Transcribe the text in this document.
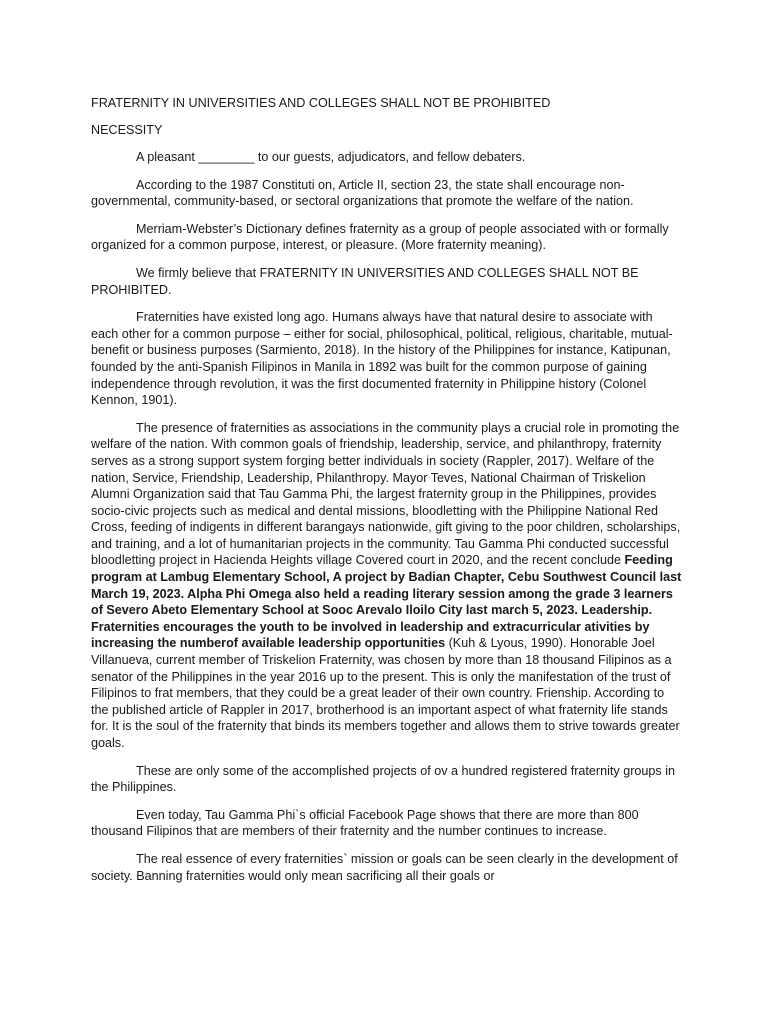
FRATERNITY IN UNIVERSITIES AND COLLEGES SHALL NOT BE PROHIBITED
NECESSITY

A pleasant ________ to our guests, adjudicators, and fellow debaters.

According to the 1987 Constituti on, Article II, section 23, the state shall encourage non-governmental, community-based, or sectoral organizations that promote the welfare of the nation.

Merriam-Webster’s Dictionary defines fraternity as a group of people associated with or formally organized for a common purpose, interest, or pleasure. (More fraternity meaning).

We firmly believe that FRATERNITY IN UNIVERSITIES AND COLLEGES SHALL NOT BE PROHIBITED.

Fraternities have existed long ago. Humans always have that natural desire to associate with each other for a common purpose – either for social, philosophical, political, religious, charitable, mutual-benefit or business purposes (Sarmiento, 2018). In the history of the Philippines for instance, Katipunan, founded by the anti-Spanish Filipinos in Manila in 1892 was built for the common purpose of gaining independence through revolution, it was the first documented fraternity in Philippine history (Colonel Kennon, 1901).

The presence of fraternities as associations in the community plays a crucial role in promoting the welfare of the nation. With common goals of friendship, leadership, service, and philanthropy, fraternity serves as a strong support system forging better individuals in society (Rappler, 2017). Welfare of the nation, Service, Friendship, Leadership, Philanthropy. Mayor Teves, National Chairman of Triskelion Alumni Organization said that Tau Gamma Phi, the largest fraternity group in the Philippines, provides socio-civic projects such as medical and dental missions, bloodletting with the Philippine National Red Cross, feeding of indigents in different barangays nationwide, gift giving to the poor children, scholarships, and training, and a lot of humanitarian projects in the community. Tau Gamma Phi conducted successful bloodletting project in Hacienda Heights village Covered court in 2020, and the recent conclude Feeding program at Lambug Elementary School, A project by Badian Chapter, Cebu Southwest Council last March 19, 2023. Alpha Phi Omega also held a reading literary session among the grade 3 learners of Severo Abeto Elementary School at Sooc Arevalo Iloilo City last march 5, 2023. Leadership. Fraternities encourages the youth to be involved in leadership and extracurricular ativities by increasing the numberof available leadership opportunities (Kuh & Lyous, 1990). Honorable Joel Villanueva, current member of Triskelion Fraternity, was chosen by more than 18 thousand Filipinos as a senator of the Philippines in the year 2016 up to the present. This is only the manifestation of the trust of Filipinos to frat members, that they could be a great leader of their own country. Frienship. According to the published article of Rappler in 2017, brotherhood is an important aspect of what fraternity life stands for. It is the soul of the fraternity that binds its members together and allows them to strive towards greater goals.

These are only some of the accomplished projects of ov a hundred registered fraternity groups in the Philippines.

Even today, Tau Gamma Phi`s official Facebook Page shows that there are more than 800 thousand Filipinos that are members of their fraternity and the number continues to increase.

The real essence of every fraternities` mission or goals can be seen clearly in the development of society. Banning fraternities would only mean sacrificing all their goals or
